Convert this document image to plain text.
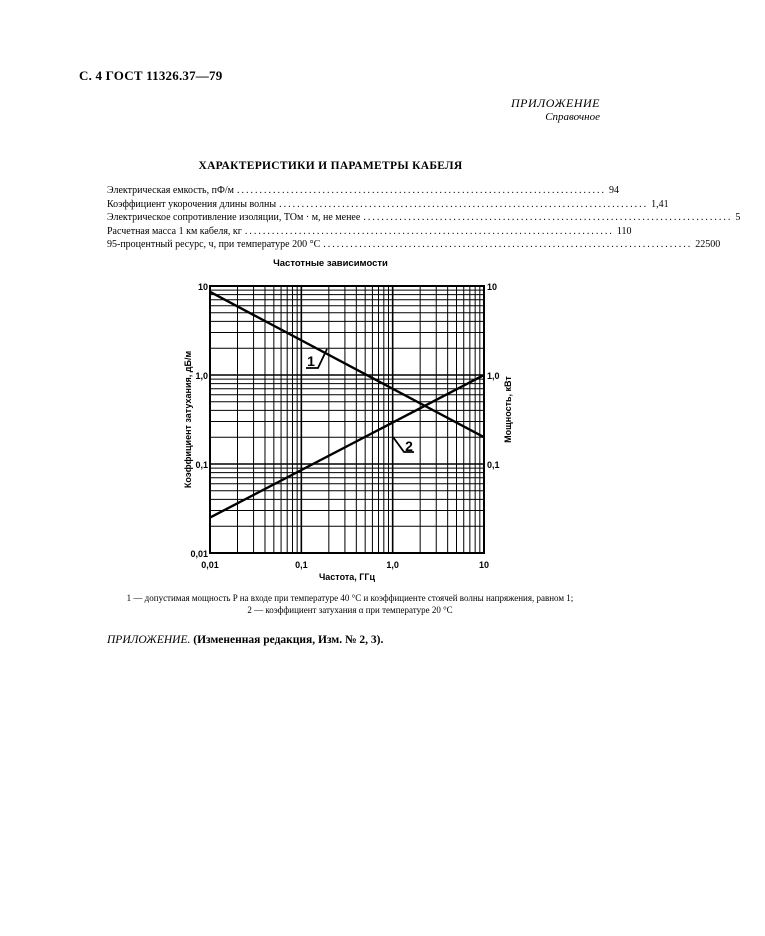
С. 4 ГОСТ 11326.37—79
ПРИЛОЖЕНИЕ
Справочное
ХАРАКТЕРИСТИКИ И ПАРАМЕТРЫ КАБЕЛЯ
Электрическая емкость, пФ/м .................................................................................. 94
Коэффициент укорочения длины волны .................................................................................. 1,41
Электрическое сопротивление изоляции, ТОм · м, не менее .................................................................................. 5
Расчетная масса 1 км кабеля, кг .................................................................................. 110
95-процентный ресурс, ч, при температуре 200 °С .................................................................................. 22500
Частотные зависимости
0,01	0,1	1,0	10
0,01
0,1
1,0
10
0,1
1,0
10
Частота, ГГц
Коэффициент затухания, дБ/м	Мощность, кВт
1
2
1 — допустимая мощность P на входе при температуре 40 °С и коэффициенте стоячей волны напряжения, равном 1;
2 — коэффициент затухания α при температуре 20 °С
ПРИЛОЖЕНИЕ. (Измененная редакция, Изм. № 2, 3).
